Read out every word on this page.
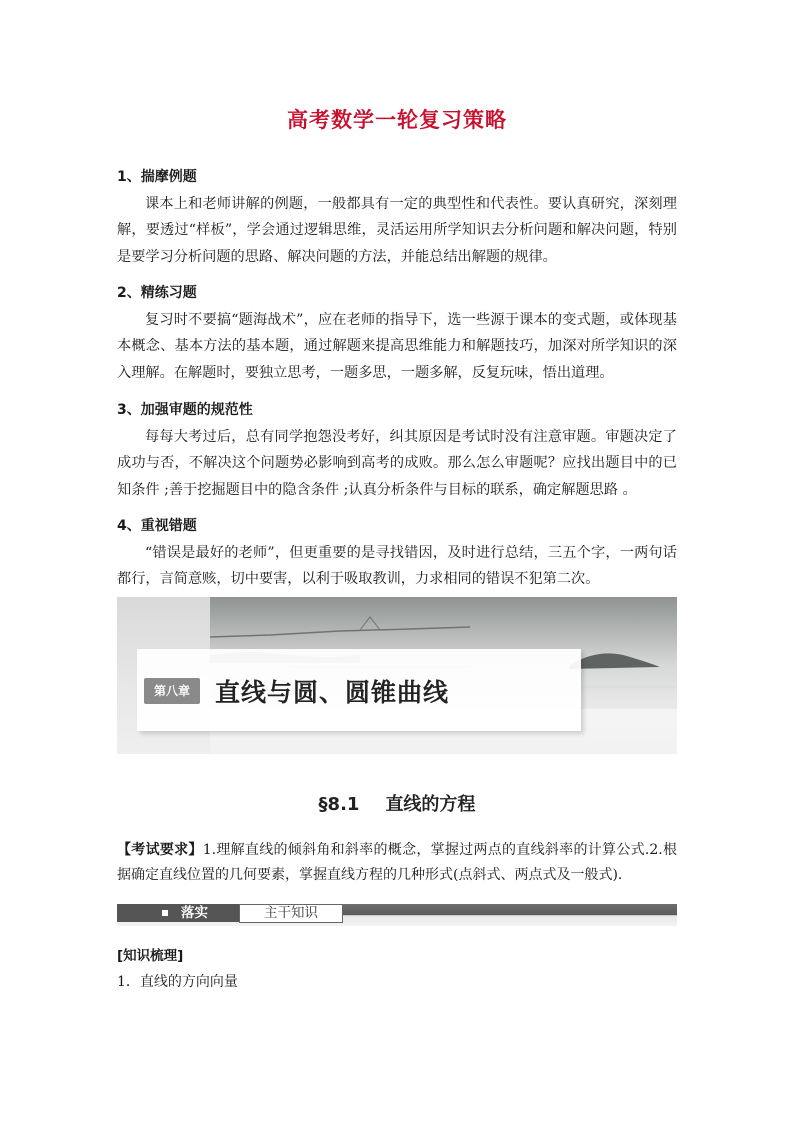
高考数学一轮复习策略

1、揣摩例题

课本上和老师讲解的例题，一般都具有一定的典型性和代表性。要认真研究，深刻理解，要透过“样板”，学会通过逻辑思维，灵活运用所学知识去分析问题和解决问题，特别是要学习分析问题的思路、解决问题的方法，并能总结出解题的规律。

2、精练习题

复习时不要搞“题海战术”，应在老师的指导下，选一些源于课本的变式题，或体现基本概念、基本方法的基本题，通过解题来提高思维能力和解题技巧，加深对所学知识的深入理解。在解题时，要独立思考，一题多思，一题多解，反复玩味，悟出道理。

3、加强审题的规范性

每每大考过后，总有同学抱怨没考好，纠其原因是考试时没有注意审题。审题决定了成功与否，不解决这个问题势必影响到高考的成败。那么怎么审题呢？应找出题目中的已知条件 ;善于挖掘题目中的隐含条件 ;认真分析条件与目标的联系，确定解题思路 。

4、重视错题

“错误是最好的老师”，但更重要的是寻找错因，及时进行总结，三五个字，一两句话都行，言简意赅，切中要害，以利于吸取教训，力求相同的错误不犯第二次。

第八章	直线与圆、圆锥曲线
§8.1 直线的方程
【考试要求】1.理解直线的倾斜角和斜率的概念，掌握过两点的直线斜率的计算公式.2.根据确定直线位置的几何要素，掌握直线方程的几种形式(点斜式、两点式及一般式).
落实	主干知识
[知识梳理]
1．直线的方向向量
